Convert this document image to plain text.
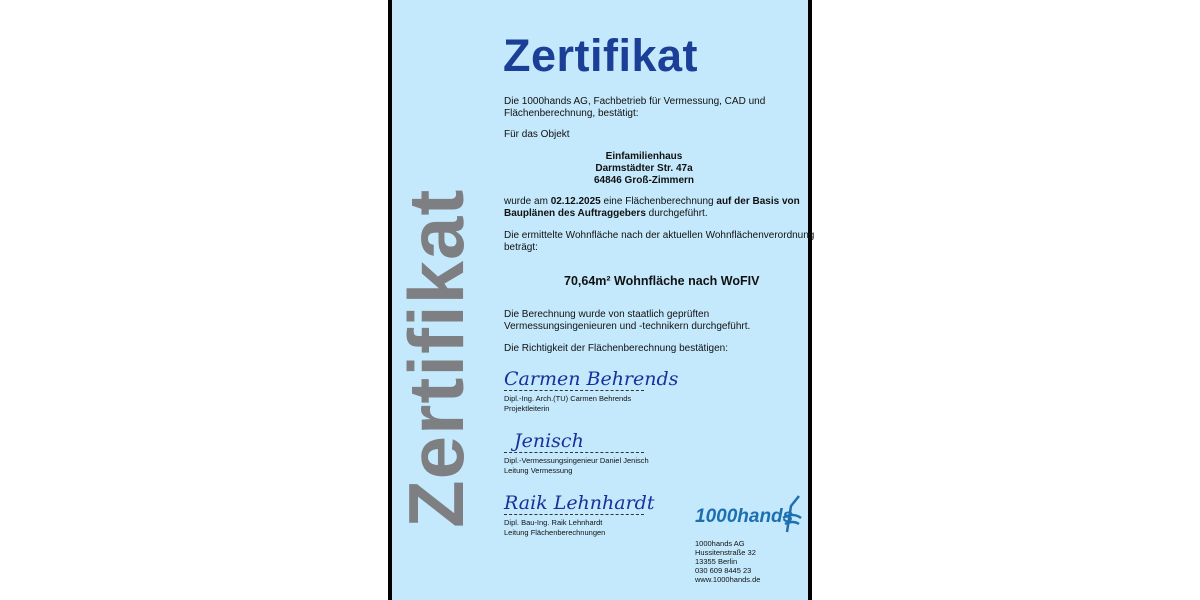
Zertifikat
Zertifikat
Die 1000hands AG, Fachbetrieb für Vermessung, CAD und
Flächenberechnung, bestätigt:
Für das Objekt
Einfamilienhaus
Darmstädter Str. 47a
64846 Groß-Zimmern
wurde am 02.12.2025 eine Flächenberechnung auf der Basis von
Bauplänen des Auftraggebers durchgeführt.
Die ermittelte Wohnfläche nach der aktuellen Wohnflächenverordnung
beträgt:
70,64m² Wohnfläche nach WoFIV
Die Berechnung wurde von staatlich geprüften
Vermessungsingenieuren und -technikern durchgeführt.
Die Richtigkeit der Flächenberechnung bestätigen:
Carmen Behrends
Dipl.-Ing. Arch.(TU) Carmen Behrends
Projektleiterin
Jenisch
Dipl.-Vermessungsingenieur Daniel Jenisch
Leitung Vermessung
Raik Lehnhardt
Dipl. Bau-Ing. Raik Lehnhardt
Leitung Flächenberechnungen
1000hands
1000hands AG
Hussitenstraße 32
13355 Berlin
030 609 8445 23
www.1000hands.de
